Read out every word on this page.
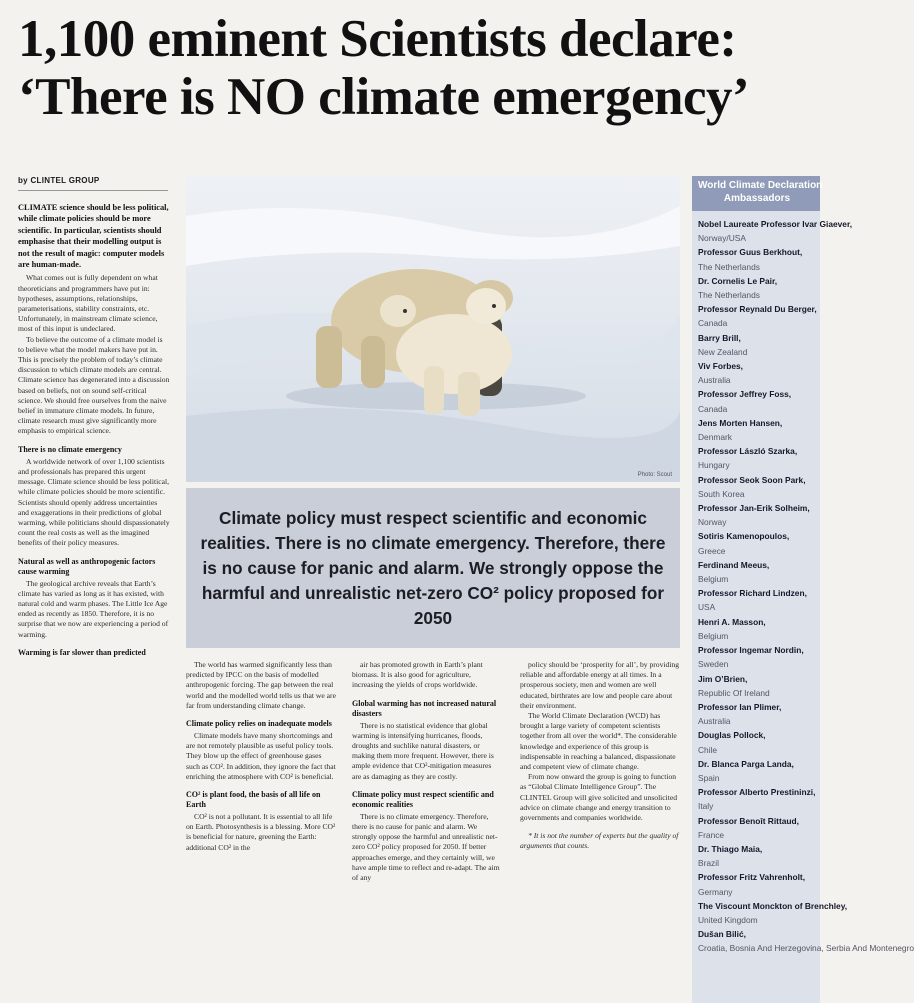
1,100 eminent Scientists declare:
‘There is NO climate emergency’
by CLINTEL GROUP

CLIMATE science should be less political, while climate policies should be more scientific. In particular, scientists should emphasise that their modelling output is not the result of magic: computer models are human-made.

What comes out is fully dependent on what theoreticians and programmers have put in: hypotheses, assumptions, relationships, parameterisations, stability constraints, etc. Unfortunately, in mainstream climate science, most of this input is undeclared.

To believe the outcome of a climate model is to believe what the model makers have put in. This is precisely the problem of today’s climate discussion to which climate models are central. Climate science has degenerated into a discussion based on beliefs, not on sound self-critical science. We should free ourselves from the naive belief in immature climate models. In future, climate research must give significantly more emphasis to empirical science.

There is no climate emergency

A worldwide network of over 1,100 scientists and professionals has prepared this urgent message. Climate science should be less political, while climate policies should be more scientific. Scientists should openly address uncertainties and exaggerations in their predictions of global warming, while politicians should dispassionately count the real costs as well as the imagined benefits of their policy measures.

Natural as well as anthropogenic factors cause warming

The geological archive reveals that Earth’s climate has varied as long as it has existed, with natural cold and warm phases. The Little Ice Age ended as recently as 1850. Therefore, it is no surprise that we now are experiencing a period of warming.

Warming is far slower than predicted
Photo: Scout
Climate policy must respect scientific and economic realities. There is no climate emergency. Therefore, there is no cause for panic and alarm. We strongly oppose the harmful and unrealistic net-zero CO² policy proposed for 2050

The world has warmed significantly less than predicted by IPCC on the basis of modelled anthropogenic forcing. The gap between the real world and the modelled world tells us that we are far from understanding climate change.

Climate policy relies on inadequate models

Climate models have many shortcomings and are not remotely plausible as useful policy tools. They blow up the effect of greenhouse gases such as CO². In addition, they ignore the fact that enriching the atmosphere with CO² is beneficial.

CO² is plant food, the basis of all life on Earth

CO² is not a pollutant. It is essential to all life on Earth. Photosynthesis is a blessing. More CO² is beneficial for nature, greening the Earth: additional CO² in the

air has promoted growth in Earth’s plant biomass. It is also good for agriculture, increasing the yields of crops worldwide.

Global warming has not increased natural disasters

There is no statistical evidence that global warming is intensifying hurricanes, floods, droughts and suchlike natural disasters, or making them more frequent. However, there is ample evidence that CO²-mitigation measures are as damaging as they are costly.

Climate policy must respect scientific and economic realities

There is no climate emergency. Therefore, there is no cause for panic and alarm. We strongly oppose the harmful and unrealistic net-zero CO² policy proposed for 2050. If better approaches emerge, and they certainly will, we have ample time to reflect and re-adapt. The aim of any

policy should be ‘prosperity for all’, by providing reliable and affordable energy at all times. In a prosperous society, men and women are well educated, birthrates are low and people care about their environment.

The World Climate Declaration (WCD) has brought a large variety of competent scientists together from all over the world*. The considerable knowledge and experience of this group is indispensable in reaching a balanced, dispassionate and competent view of climate change.

From now onward the group is going to function as “Global Climate Intelligence Group”. The CLINTEL Group will give solicited and unsolicited advice on climate change and energy transition to governments and companies worldwide.

* It is not the number of experts but the quality of arguments that counts.

World Climate Declaration
Ambassadors
Nobel Laureate Professor Ivar Giaever,
Norway/USA
Professor Guus Berkhout,
The Netherlands
Dr. Cornelis Le Pair,
The Netherlands
Professor Reynald Du Berger,
Canada
Barry Brill,
New Zealand
Viv Forbes,
Australia
Professor Jeffrey Foss,
Canada
Jens Morten Hansen,
Denmark
Professor László Szarka,
Hungary
Professor Seok Soon Park,
South Korea
Professor Jan-Erik Solheim,
Norway
Sotiris Kamenopoulos,
Greece
Ferdinand Meeus,
Belgium
Professor Richard Lindzen,
USA
Henri A. Masson,
Belgium
Professor Ingemar Nordin,
Sweden
Jim O’Brien,
Republic Of Ireland
Professor Ian Plimer,
Australia
Douglas Pollock,
Chile
Dr. Blanca Parga Landa,
Spain
Professor Alberto Prestininzi,
Italy
Professor Benoît Rittaud,
France
Dr. Thiago Maia,
Brazil
Professor Fritz Vahrenholt,
Germany
The Viscount Monckton of Brenchley,
United Kingdom
Dušan Bilić,
Croatia, Bosnia And Herzegovina, Serbia And Montenegro
